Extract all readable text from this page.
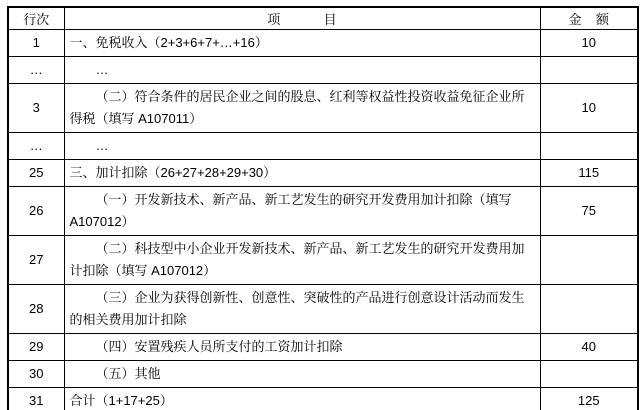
行次	项            目	金    额
1	一、免税收入（2+3+6+7+…+16）	10
…	…	
3	（二）符合条件的居民企业之间的股息、红利等权益性投资收益免征企业所得税（填写 A107011）	10
…	…	
25	三、加计扣除（26+27+28+29+30）	115
26	（一）开发新技术、新产品、新工艺发生的研究开发费用加计扣除（填写 A107012）	75
27	（二）科技型中小企业开发新技术、新产品、新工艺发生的研究开发费用加计扣除（填写 A107012）	
28	（三）企业为获得创新性、创意性、突破性的产品进行创意设计活动而发生的相关费用加计扣除	
29	（四）安置残疾人员所支付的工资加计扣除	40
30	（五）其他	
31	合计（1+17+25）	125
